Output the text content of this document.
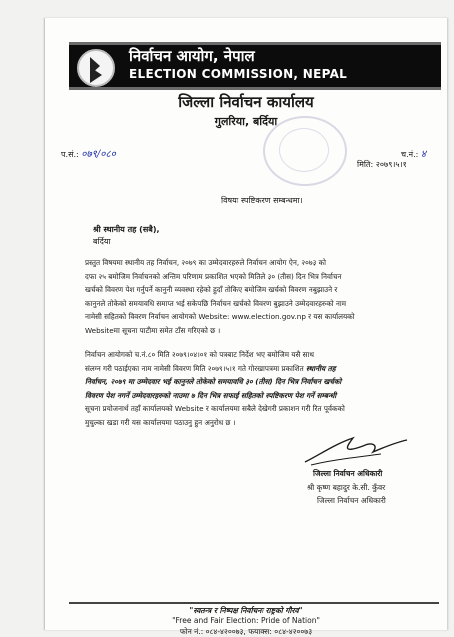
निर्वाचन आयोग, नेपाल
ELECTION COMMISSION, NEPAL
जिल्ला निर्वाचन कार्यालय
गुलरिया, बर्दिया
प.सं.: ०७९/०८०	च.नं.: ४
मिति: २०७९।५।१
विषयः स्पष्टिकरण सम्बन्धमा।
श्री स्थानीय तह (सबै),
बर्दिया
प्रस्तुत विषयमा स्थानीय तह निर्वाचन, २०७९ का उम्मेदवारहरुले निर्वाचन आयोग ऐन, २०७३ को
दफा २५ बमोजिम निर्वाचनको अन्तिम परिणाम प्रकाशित भएको मितिले ३० (तीस) दिन भित्र निर्वाचन
खर्चको विवरण पेश गर्नुपर्ने कानुनी व्यवस्था रहेको हुदाँ तोकिए बमोजिम खर्चको विवरण नबुझाउने र
कानुनले तोकेको समयावधि समाप्त भई सकेपछि निर्वाचन खर्चको विवरण बुझाउने उम्मेदवारहरुको नाम
नामेसी सहितको विवरण निर्वाचन आयोगको Website: www.election.gov.np र यस कार्यालयको
Websiteमा सूचना पाटीमा समेत टाँस गरिएको छ ।
निर्वाचन आयोगको च.नं.८० मिति २०७९।०४।०१ को पत्रबाट निर्देश भए बमोजिम यसै साथ
संलग्न गरी पठाईएका नाम नामेसी विवरण मिति २०७९।५।१ गते गोरखापत्रमा प्रकाशित स्थानीय तह
निर्वाचन, २०७९ मा उम्मेदवार भई कानुनले तोकेको समयावधि ३० (तीस) दिन भित्र निर्वाचन खर्चको
विवरण पेश नगर्ने उम्मेदवारहरुको नाउमा ७ दिन भित्र सफाई सहितको स्पष्टिकरण पेश गर्ने सम्बन्धी
सूचना प्रयोजनार्थ तहाँ कार्यालयको Website र कार्यालयमा सबैले देखेगरी प्रकाशन गरी रित पूर्वकको
मुचुल्का खडा गरी यस कार्यालयमा पठाउनु हुन अनुरोध छ ।
जिल्ला निर्वाचन अधिकारी
श्री कृष्ण बहादुर के.सी. कुँवर
जिल्ला निर्वाचन अधिकारी
"स्वतन्त्र र निष्पक्ष निर्वाचनः राष्ट्रको गौरव"
"Free and Fair Election: Pride of Nation"
फोन नं.: ०८४-४२००७३, फयाक्स: ०८४-४२००७३
